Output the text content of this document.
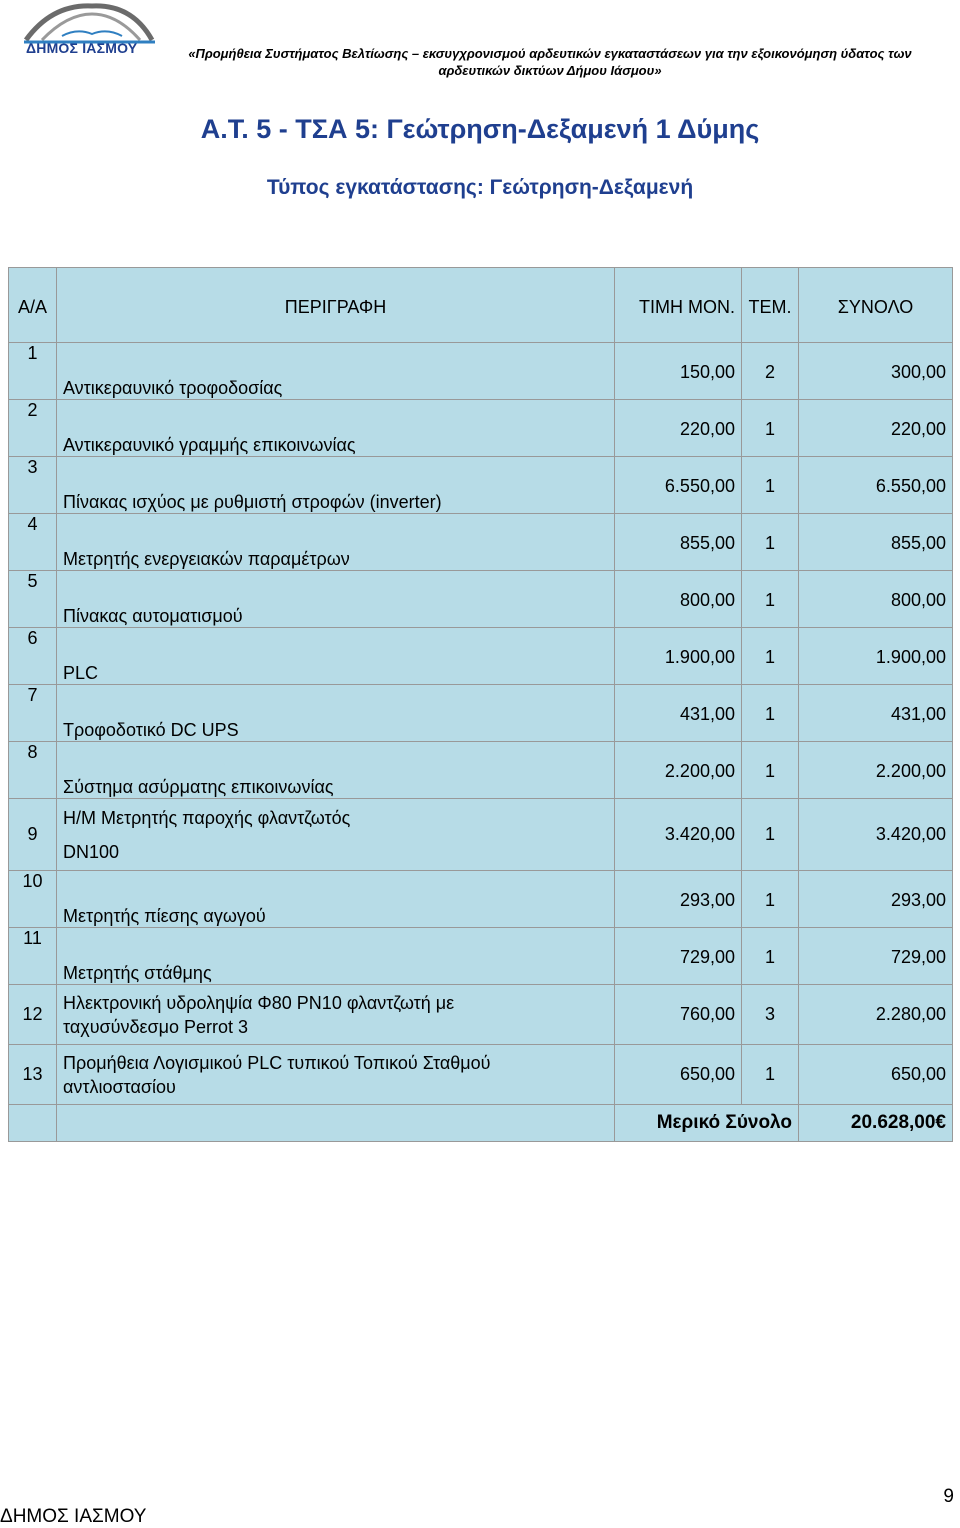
ΔΗΜΟΣ ΙΑΣΜΟΥ	«Προμήθεια Συστήματος Βελτίωσης – εκσυγχρονισμού αρδευτικών εγκαταστάσεων για την εξοικονόμηση ύδατος των
αρδευτικών δικτύων Δήμου Ιάσμου»
Α.Τ. 5 - ΤΣΑ 5: Γεώτρηση-Δεξαμενή 1 Δύμης
Τύπος εγκατάστασης: Γεώτρηση-Δεξαμενή
Α/Α	ΠΕΡΙΓΡΑΦΗ	ΤΙΜΗ ΜΟΝ.	ΤΕΜ.	ΣΥΝΟΛΟ
1	Αντικεραυνικό τροφοδοσίας	150,00	2	300,00
2	Αντικεραυνικό γραμμής επικοινωνίας	220,00	1	220,00
3	Πίνακας ισχύος με ρυθμιστή στροφών (inverter)	6.550,00	1	6.550,00
4	Μετρητής ενεργειακών παραμέτρων	855,00	1	855,00
5	Πίνακας αυτοματισμού	800,00	1	800,00
6	PLC	1.900,00	1	1.900,00
7	Τροφοδοτικό DC UPS	431,00	1	431,00
8	Σύστημα ασύρματης επικοινωνίας	2.200,00	1	2.200,00
9	Η/Μ Μετρητής παροχής φλαντζωτός
DN100	3.420,00	1	3.420,00
10	Μετρητής πίεσης αγωγού	293,00	1	293,00
11	Μετρητής στάθμης	729,00	1	729,00
12	Ηλεκτρονική υδροληψία Φ80 ΡΝ10 φλαντζωτή με
ταχυσύνδεσμο Perrot 3	760,00	3	2.280,00
13	Προμήθεια Λογισμικού PLC τυπικού Τοπικού Σταθμού
αντλιοστασίου	650,00	1	650,00
		Μερικό Σύνολο		20.628,00€
ΔΗΜΟΣ ΙΑΣΜΟΥ
9
